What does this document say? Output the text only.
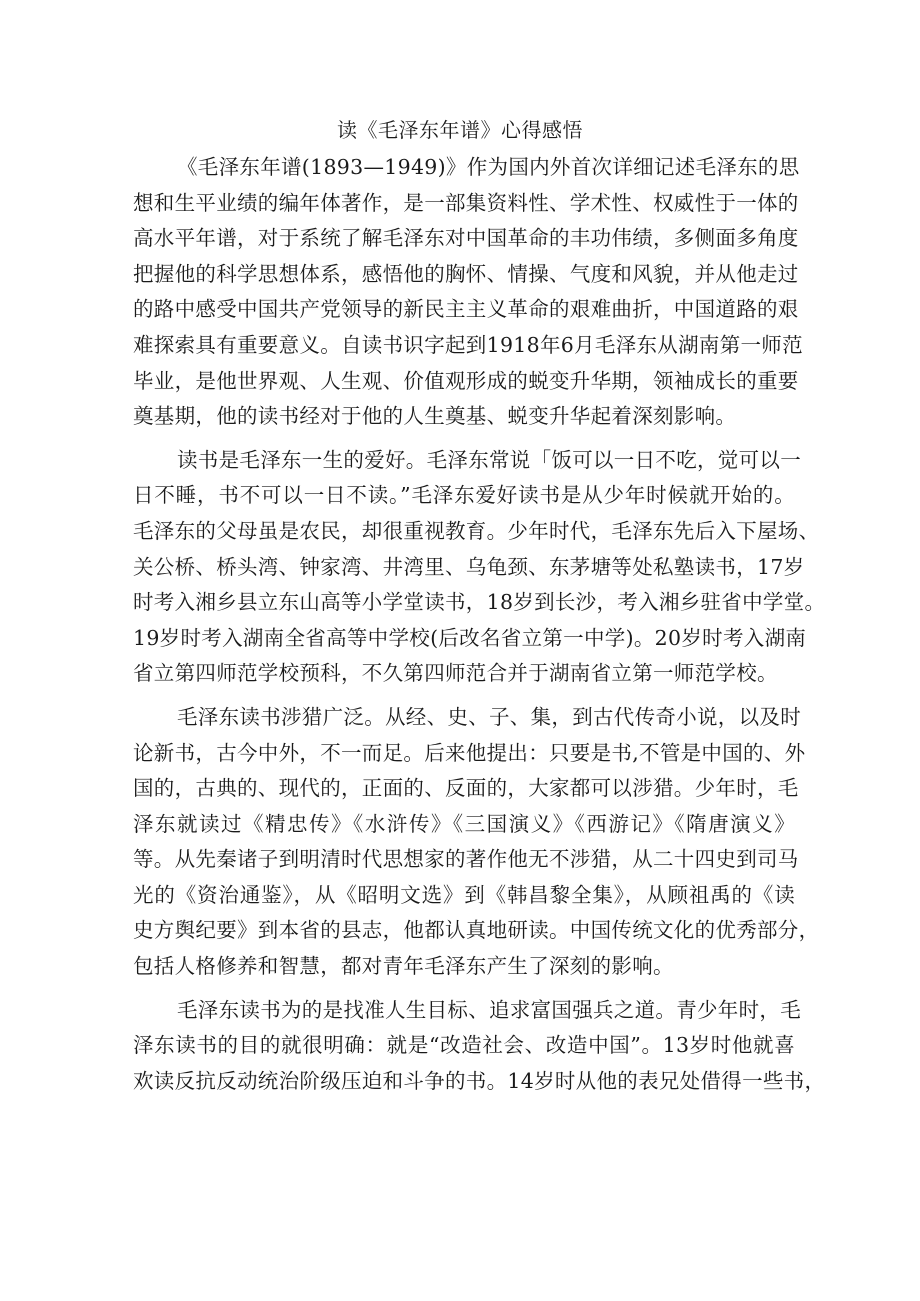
读《毛泽东年谱》心得感悟

《毛泽东年谱(1893—1949)》作为国内外首次详细记述毛泽东的思
想和生平业绩的编年体著作，是一部集资料性、学术性、权威性于一体的
高水平年谱，对于系统了解毛泽东对中国革命的丰功伟绩，多侧面多角度
把握他的科学思想体系，感悟他的胸怀、情操、气度和风貌，并从他走过
的路中感受中国共产党领导的新民主主义革命的艰难曲折，中国道路的艰
难探索具有重要意义。自读书识字起到1918年6月毛泽东从湖南第一师范
毕业，是他世界观、人生观、价值观形成的蜕变升华期，领袖成长的重要
奠基期，他的读书经对于他的人生奠基、蜕变升华起着深刻影响。

读书是毛泽东一生的爱好。毛泽东常说「饭可以一日不吃，觉可以一
日不睡，书不可以一日不读。”毛泽东爱好读书是从少年时候就开始的。
毛泽东的父母虽是农民，却很重视教育。少年时代，毛泽东先后入下屋场、
关公桥、桥头湾、钟家湾、井湾里、乌龟颈、东茅塘等处私塾读书，17岁
时考入湘乡县立东山高等小学堂读书，18岁到长沙，考入湘乡驻省中学堂。
19岁时考入湖南全省高等中学校(后改名省立第一中学)。20岁时考入湖南
省立第四师范学校预科，不久第四师范合并于湖南省立第一师范学校。

毛泽东读书涉猎广泛。从经、史、子、集，到古代传奇小说，以及时
论新书，古今中外，不一而足。后来他提出：只要是书,不管是中国的、外
国的，古典的、现代的，正面的、反面的，大家都可以涉猎。少年时，毛
泽东就读过《精忠传》《水浒传》《三国演义》《西游记》《隋唐演义》
等。从先秦诸子到明清时代思想家的著作他无不涉猎，从二十四史到司马
光的《资治通鉴》，从《昭明文选》到《韩昌黎全集》，从顾祖禹的《读
史方舆纪要》到本省的县志，他都认真地研读。中国传统文化的优秀部分，
包括人格修养和智慧，都对青年毛泽东产生了深刻的影响。

毛泽东读书为的是找准人生目标、追求富国强兵之道。青少年时，毛
泽东读书的目的就很明确：就是“改造社会、改造中国”。13岁时他就喜
欢读反抗反动统治阶级压迫和斗争的书。14岁时从他的表兄处借得一些书，
